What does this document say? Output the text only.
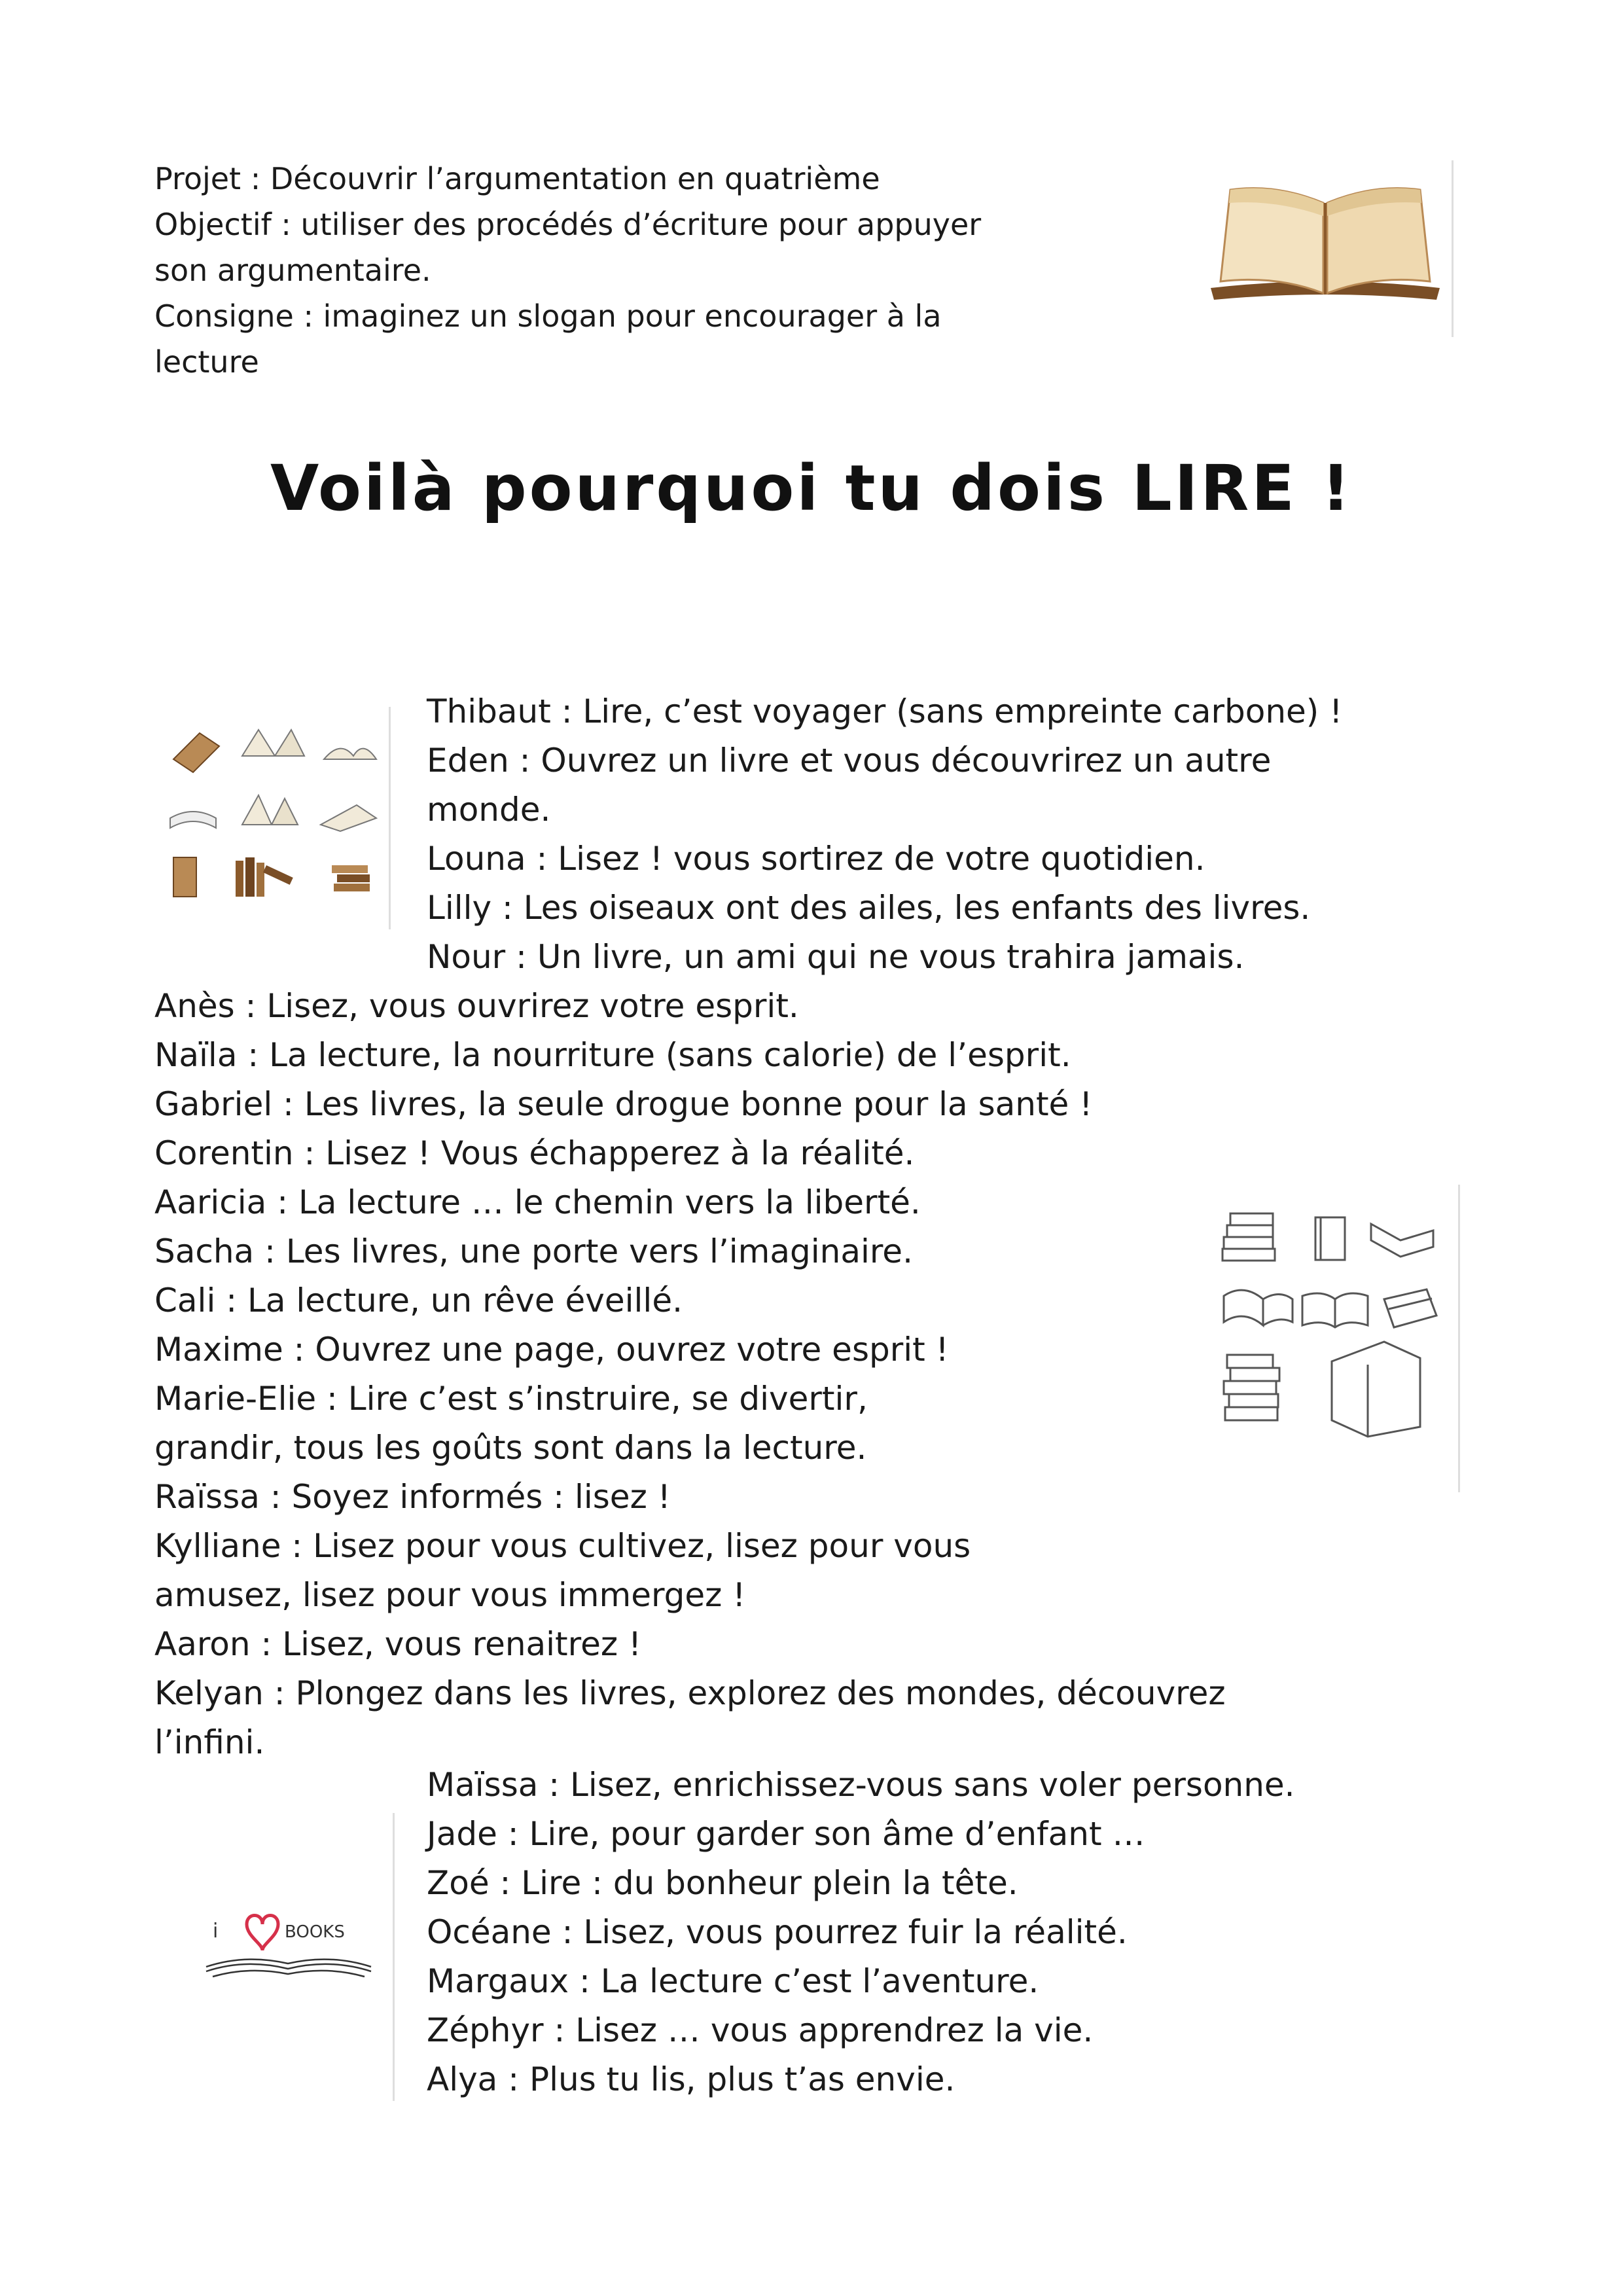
Projet : Découvrir l’argumentation en quatrième

Objectif : utiliser des procédés d’écriture pour appuyer

son argumentaire.

Consigne : imaginez un slogan pour encourager à la

lecture

Voilà pourquoi tu dois LIRE !

Thibaut : Lire, c’est voyager (sans empreinte carbone) !

Eden : Ouvrez un livre et vous découvrirez un autre

monde.

Louna : Lisez ! vous sortirez de votre quotidien.

Lilly : Les oiseaux ont des ailes, les enfants des livres.

Nour : Un livre, un ami qui ne vous trahira jamais.

Anès : Lisez, vous ouvrirez votre esprit.

Naïla : La lecture, la nourriture (sans calorie) de l’esprit.

Gabriel : Les livres, la seule drogue bonne pour la santé !

Corentin : Lisez ! Vous échapperez à la réalité.

Aaricia : La lecture … le chemin vers la liberté.

Sacha : Les livres, une porte vers l’imaginaire.

Cali : La lecture, un rêve éveillé.

Maxime : Ouvrez une page, ouvrez votre esprit !

Marie-Elie : Lire c’est s’instruire, se divertir,

grandir, tous les goûts sont dans la lecture.

Raïssa : Soyez informés : lisez !

Kylliane : Lisez pour vous cultivez, lisez pour vous

amusez, lisez pour vous immergez !

Aaron : Lisez, vous renaitrez !

Kelyan : Plongez dans les livres, explorez des mondes, découvrez

l’infini.

Maïssa : Lisez, enrichissez-vous sans voler personne.

Jade : Lire, pour garder son âme d’enfant …

Zoé : Lire : du bonheur plein la tête.

Océane : Lisez, vous pourrez fuir la réalité.

Margaux : La lecture c’est l’aventure.

Zéphyr : Lisez … vous apprendrez la vie.

Alya : Plus tu lis, plus t’as envie.

i	BOOKS
